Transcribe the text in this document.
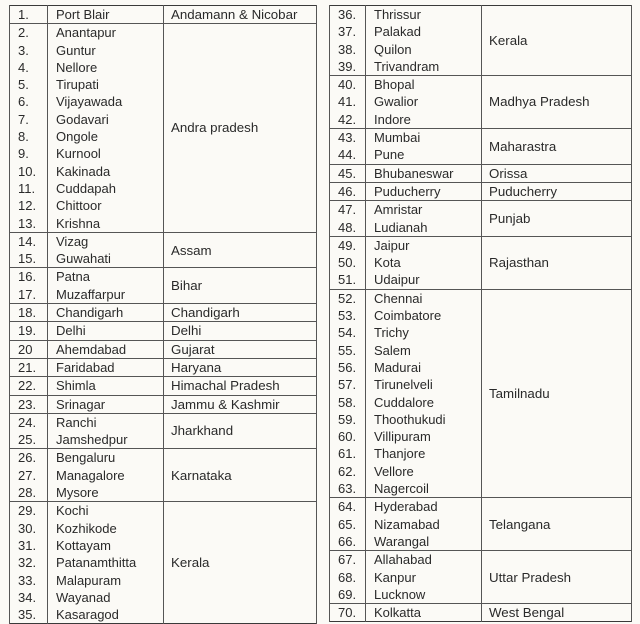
1.	Port Blair	Andamann & Nicobar
2.	Anantapur	Andra pradesh
3.	Guntur	
4.	Nellore	
5.	Tirupati	
6.	Vijayawada	
7.	Godavari	
8.	Ongole	
9.	Kurnool	
10.	Kakinada	
11.	Cuddapah	
12.	Chittoor	
13.	Krishna	
14.	Vizag	Assam
15.	Guwahati	
16.	Patna	Bihar
17.	Muzaffarpur	
18.	Chandigarh	Chandigarh
19.	Delhi	Delhi
20	Ahemdabad	Gujarat
21.	Faridabad	Haryana
22.	Shimla	Himachal Pradesh
23.	Srinagar	Jammu & Kashmir
24.	Ranchi	Jharkhand
25.	Jamshedpur	
26.	Bengaluru	Karnataka
27.	Managalore	
28.	Mysore	
29.	Kochi	Kerala
30.	Kozhikode	
31.	Kottayam	
32.	Patanamthitta	
33.	Malapuram	
34.	Wayanad	
35.	Kasaragod	
36.	Thrissur	Kerala
37.	Palakad	
38.	Quilon	
39.	Trivandram	
40.	Bhopal	Madhya Pradesh
41.	Gwalior	
42.	Indore	
43.	Mumbai	Maharastra
44.	Pune	
45.	Bhubaneswar	Orissa
46.	Puducherry	Puducherry
47.	Amristar	Punjab
48.	Ludianah	
49.	Jaipur	Rajasthan
50.	Kota	
51.	Udaipur	
52.	Chennai	Tamilnadu
53.	Coimbatore	
54.	Trichy	
55.	Salem	
56.	Madurai	
57.	Tirunelveli	
58.	Cuddalore	
59.	Thoothukudi	
60.	Villipuram	
61.	Thanjore	
62.	Vellore	
63.	Nagercoil	
64.	Hyderabad	Telangana
65.	Nizamabad	
66.	Warangal	
67.	Allahabad	Uttar Pradesh
68.	Kanpur	
69.	Lucknow	
70.	Kolkatta	West Bengal
